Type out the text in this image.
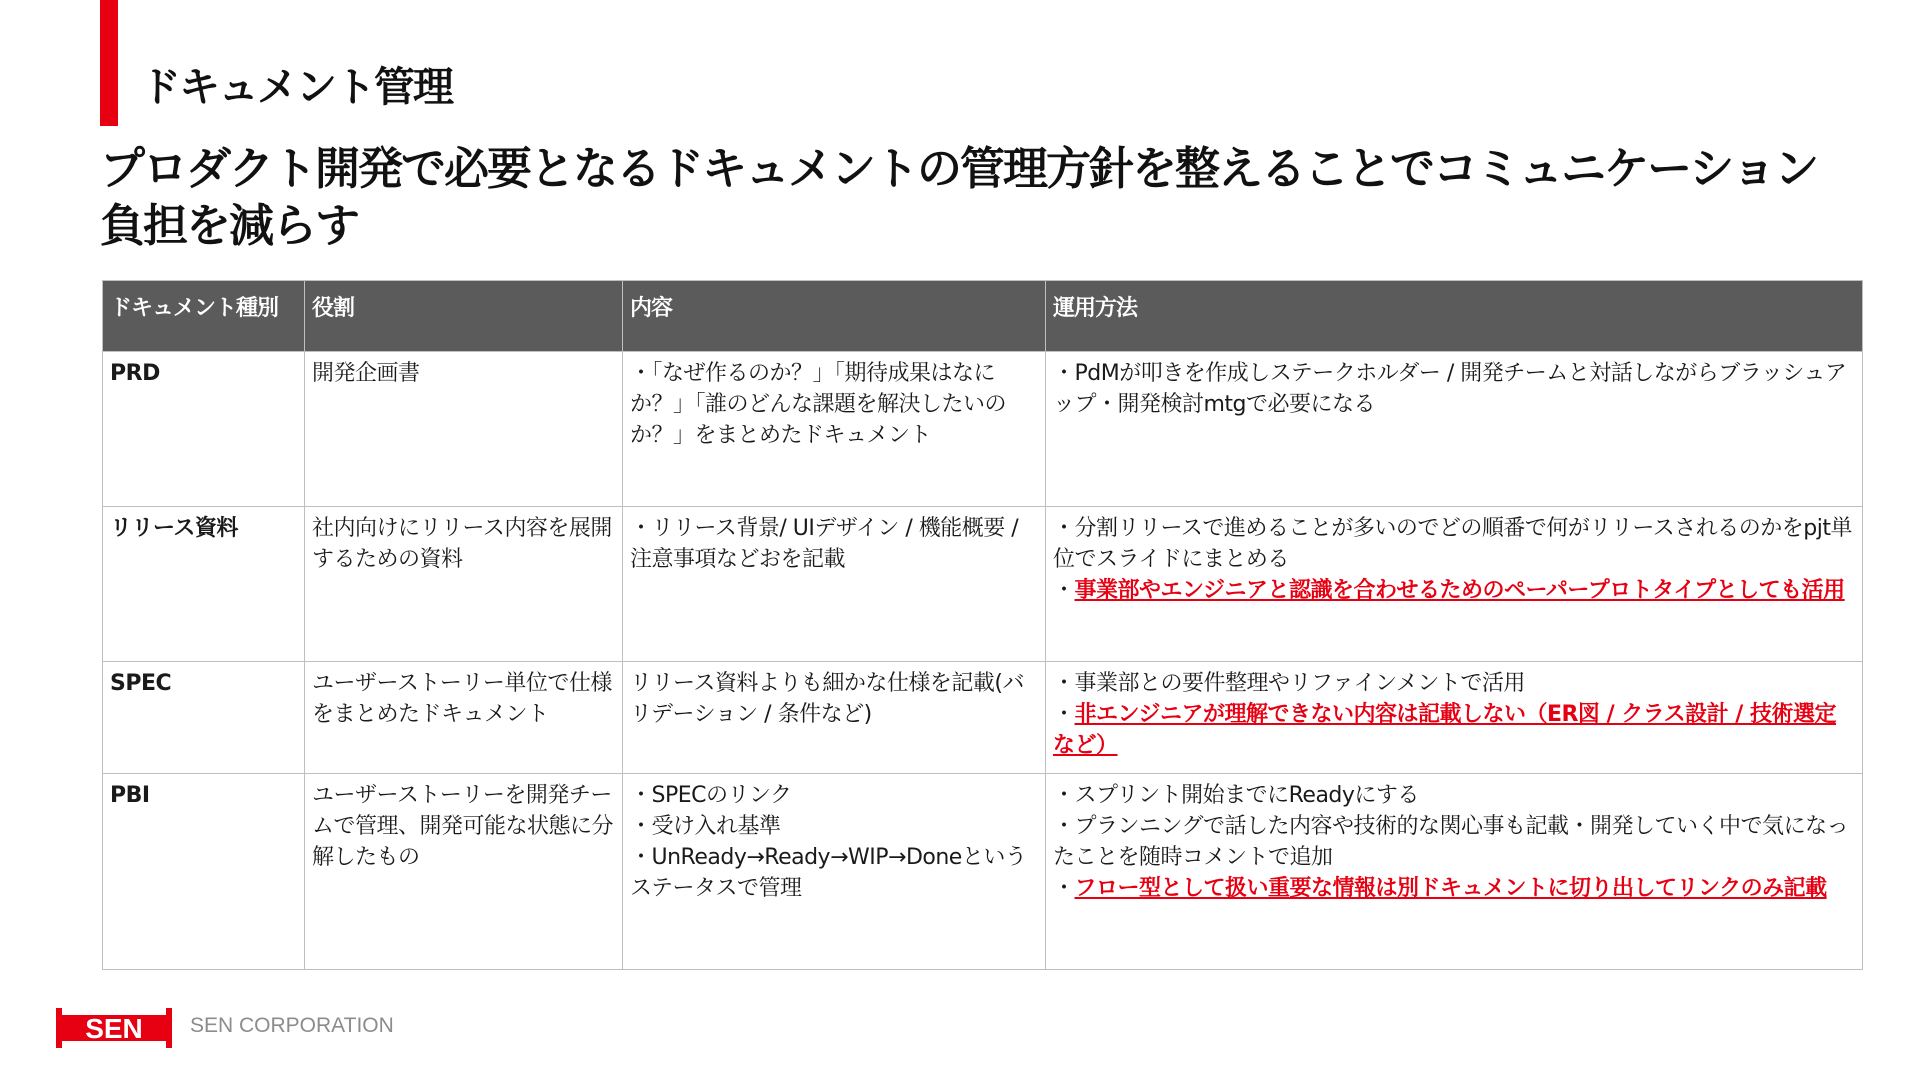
ドキュメント管理
プロダクト開発で必要となるドキュメントの管理方針を整えることでコミュニケーション負担を減らす
ドキュメント種別	役割	内容	運用方法
PRD	開発企画書	・「なぜ作るのか？」「期待成果はなにか？」「誰のどんな課題を解決したいのか？」をまとめたドキュメント	・PdMが叩きを作成しステークホルダー / 開発チームと対話しながらブラッシュアップ・開発検討mtgで必要になる

リリース資料	社内向けにリリース内容を展開するための資料	・リリース背景/ UIデザイン / 機能概要 / 注意事項などおを記載	・分割リリースで進めることが多いのでどの順番で何がリリースされるのかをpjt単位でスライドにまとめる
・事業部やエンジニアと認識を合わせるためのペーパープロトタイプとしても活用

SPEC	ユーザーストーリー単位で仕様をまとめたドキュメント	リリース資料よりも細かな仕様を記載(バリデーション / 条件など)	・事業部との要件整理やリファインメントで活用
・非エンジニアが理解できない内容は記載しない（ER図 / クラス設計 / 技術選定など）

PBI	ユーザーストーリーを開発チームで管理、開発可能な状態に分解したもの	・SPECのリンク
・受け入れ基準
・UnReady→Ready→WIP→Doneというステータスで管理	・スプリント開始までにReadyにする
・プランニングで話した内容や技術的な関心事も記載・開発していく中で気になったことを随時コメントで追加
・フロー型として扱い重要な情報は別ドキュメントに切り出してリンクのみ記載
SEN SEN CORPORATION
